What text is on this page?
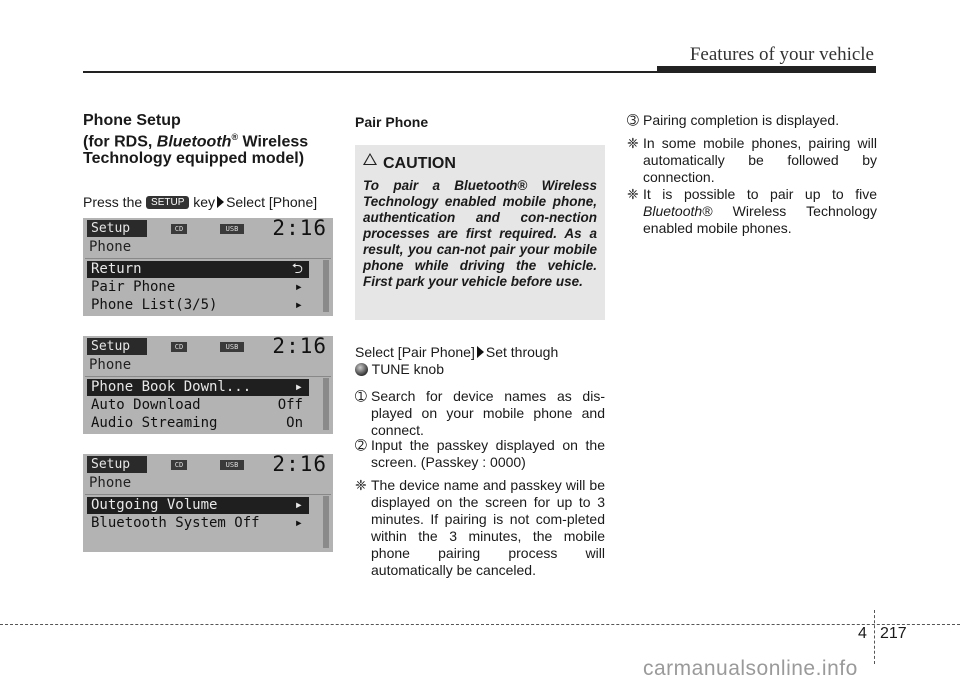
Features of your vehicle
Phone Setup
(for RDS, Bluetooth® Wireless
Technology equipped model)
Press the SETUP key Select [Phone]
Setup	CD	USB 2:16
Phone
Return	⮌
Pair Phone	▸
Phone List(3/5)	▸
Setup	CD	USB 2:16
Phone
Phone Book Downl...	▸
Auto Download	Off
Audio Streaming	On
Setup	CD	USB 2:16
Phone
Outgoing Volume	▸
Bluetooth System Off ▸
Pair Phone
CAUTION
To pair a Bluetooth® Wireless Technology enabled mobile phone, authentication and con-nection processes are first required. As a result, you can-not pair your mobile phone while driving the vehicle. First park your vehicle before use.
Select [Pair Phone] Set through
TUNE knob
➀ Search for device names as dis-played on your mobile phone and connect.
➁ Input the passkey displayed on the screen. (Passkey : 0000)
❈ The device name and passkey will be displayed on the screen for up to 3 minutes. If pairing is not com-pleted within the 3 minutes, the mobile phone pairing process will automatically be canceled.
➂ Pairing completion is displayed.
❈ In some mobile phones, pairing will automatically be followed by connection.
❈ It is possible to pair up to five Bluetooth® Wireless Technology enabled mobile phones.
4 217
carmanualsonline.info
